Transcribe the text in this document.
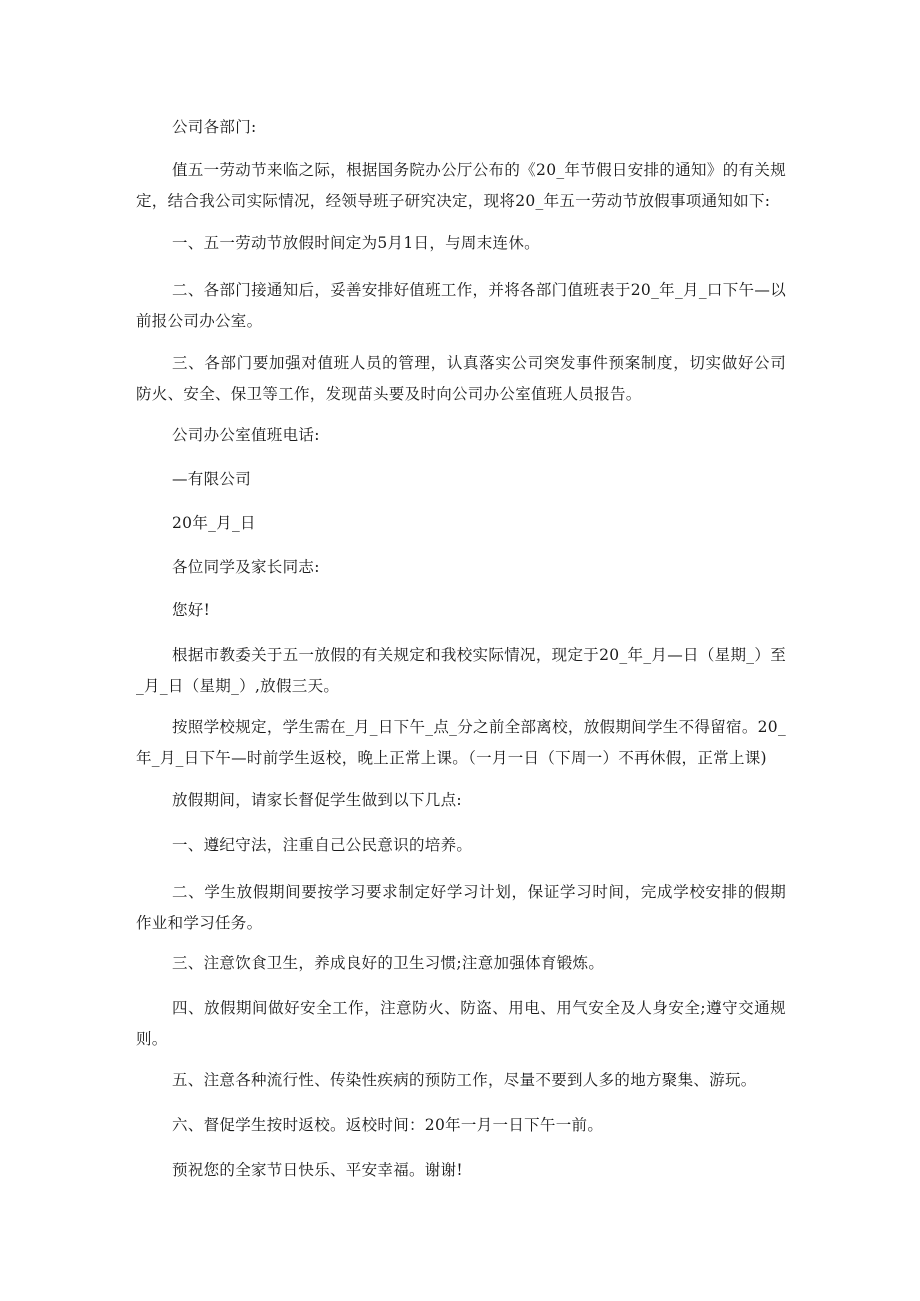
公司各部门:

值五一劳动节来临之际，根据国务院办公厅公布的《20_年节假日安排的通知》的有关规定，结合我公司实际情况，经领导班子研究决定，现将20_年五一劳动节放假事项通知如下:

一、五一劳动节放假时间定为5月1日，与周末连休。

二、各部门接通知后，妥善安排好值班工作，并将各部门值班表于20_年_月_口下午—以前报公司办公室。

三、各部门要加强对值班人员的管理，认真落实公司突发事件预案制度，切实做好公司防火、安全、保卫等工作，发现苗头要及时向公司办公室值班人员报告。

公司办公室值班电话:

—有限公司

20年_月_日

各位同学及家长同志:

您好!

根据市教委关于五一放假的有关规定和我校实际情况，现定于20_年_月—日（星期_）至_月_日（星期_）,放假三天。

按照学校规定，学生需在_月_日下午_点_分之前全部离校，放假期间学生不得留宿。20_年_月_日下午—时前学生返校，晚上正常上课。（一月一日（下周一）不再休假，正常上课)

放假期间，请家长督促学生做到以下几点:

一、遵纪守法，注重自己公民意识的培养。

二、学生放假期间要按学习要求制定好学习计划，保证学习时间，完成学校安排的假期作业和学习任务。

三、注意饮食卫生，养成良好的卫生习惯;注意加强体育锻炼。

四、放假期间做好安全工作，注意防火、防盗、用电、用气安全及人身安全;遵守交通规则。

五、注意各种流行性、传染性疾病的预防工作，尽量不要到人多的地方聚集、游玩。

六、督促学生按时返校。返校时间：20年一月一日下午一前。

预祝您的全家节日快乐、平安幸福。谢谢!
